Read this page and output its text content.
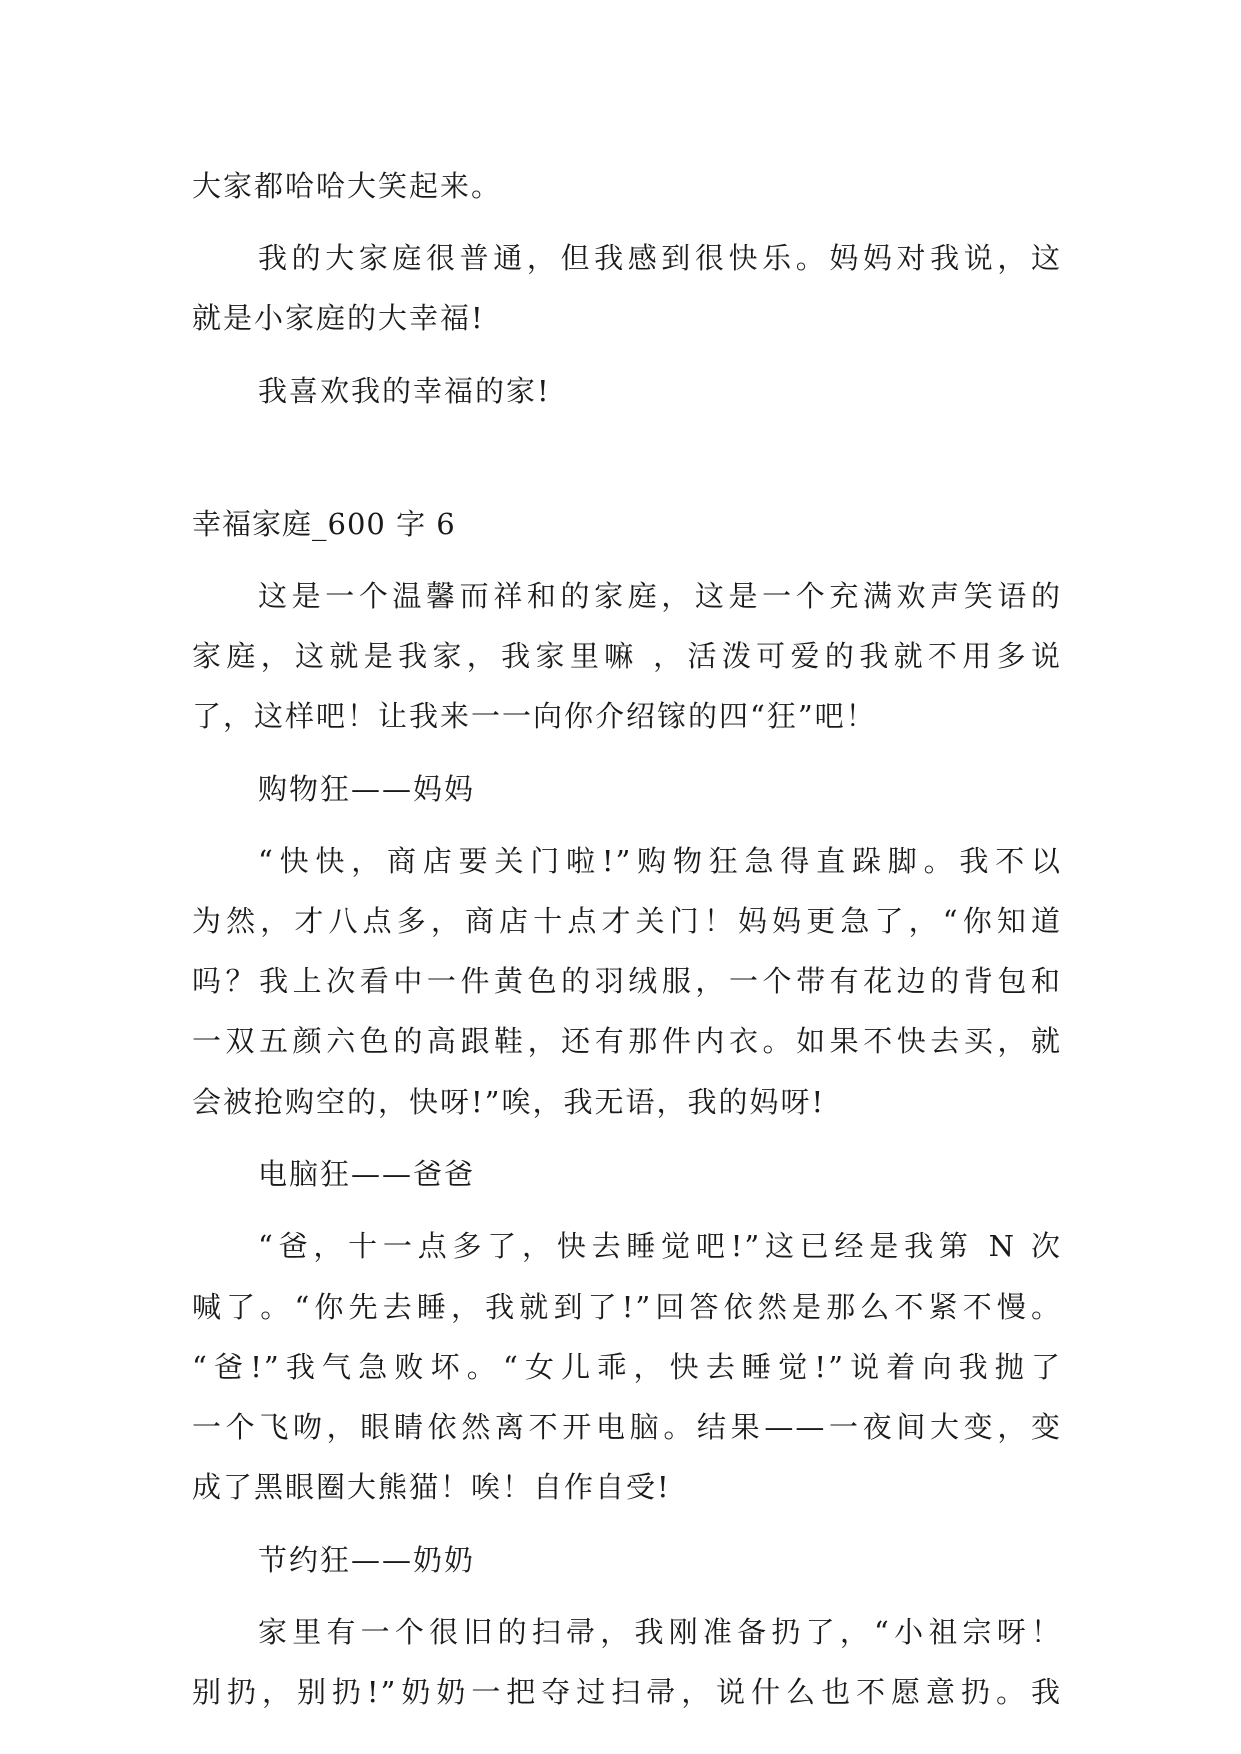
大家都哈哈大笑起来。
我的大家庭很普通，但我感到很快乐。妈妈对我说，这
就是小家庭的大幸福!
我喜欢我的幸福的家!
幸福家庭_600 字 6
这是一个温馨而祥和的家庭，这是一个充满欢声笑语的
家庭，这就是我家，我家里嘛 ，活泼可爱的我就不用多说
了，这样吧！让我来一一向你介绍镓的四“狂”吧！
购物狂——妈妈
“快快，商店要关门啦!”购物狂急得直跺脚。我不以
为然，才八点多，商店十点才关门！妈妈更急了，“你知道
吗？我上次看中一件黄色的羽绒服，一个带有花边的背包和
一双五颜六色的高跟鞋，还有那件内衣。如果不快去买，就
会被抢购空的，快呀!”唉，我无语，我的妈呀!
电脑狂——爸爸
“爸，十一点多了，快去睡觉吧!”这已经是我第 N 次
喊了。“你先去睡，我就到了!”回答依然是那么不紧不慢。
“爸!”我气急败坏。“女儿乖，快去睡觉!”说着向我抛了
一个飞吻，眼睛依然离不开电脑。结果——一夜间大变，变
成了黑眼圈大熊猫！唉！自作自受!
节约狂——奶奶
家里有一个很旧的扫帚，我刚准备扔了，“小祖宗呀！
别扔，别扔!”奶奶一把夺过扫帚，说什么也不愿意扔。我
